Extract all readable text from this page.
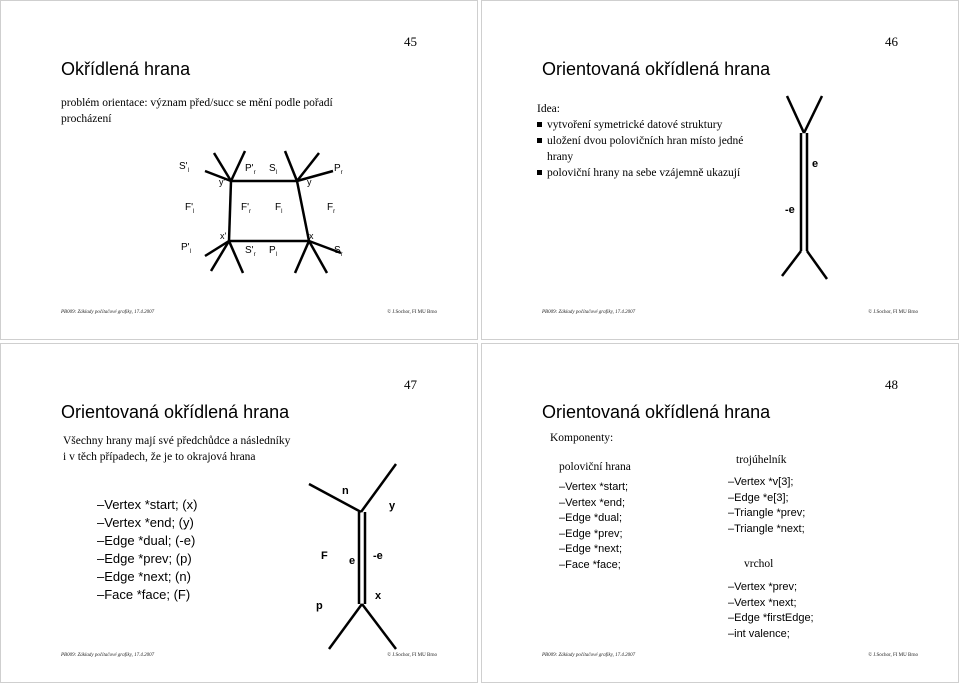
45
Okřídlená hrana
problém orientace: význam před/succ se mění podle pořadí
procházení
$S'_l$	$P'_r$
y'
$S_l$
y
$P_r$
$F'_l$	$F'_r$ $F_l$	$F_r$
$P'_l$
x'
$S'_r$ $P_l$
x
$S_r$
PB009: Základy počítačové grafiky, 17.4.2007	© J.Sochor, FI MU Brno
46
Orientovaná okřídlená hrana
Idea:
vytvoření symetrické datové struktury
uložení dvou polovičních hran místo jedné
hrany
poloviční hrany na sebe vzájemně ukazují
e
-e
PB009: Základy počítačové grafiky, 17.4.2007	© J.Sochor, FI MU Brno
47
Orientovaná okřídlená hrana
Všechny hrany mají své předchůdce a následníky
i v těch případech, že je to okrajová hrana
– Vertex *start; (x)
– Vertex *end; (y)
– Edge *dual; (-e)
– Edge *prev; (p)
– Edge *next; (n)
– Face *face; (F)
n
y
F e -e
x
p
PB009: Základy počítačové grafiky, 17.4.2007	© J.Sochor, FI MU Brno
48
Orientovaná okřídlená hrana
Komponenty:
poloviční hrana
– Vertex *start;
– Vertex *end;
– Edge *dual;
– Edge *prev;
– Edge *next;
– Face *face;
trojúhelník
– Vertex *v[3];
– Edge *e[3];
– Triangle *prev;
– Triangle *next;
vrchol
– Vertex *prev;
– Vertex *next;
– Edge *firstEdge;
– int valence;
PB009: Základy počítačové grafiky, 17.4.2007	© J.Sochor, FI MU Brno
